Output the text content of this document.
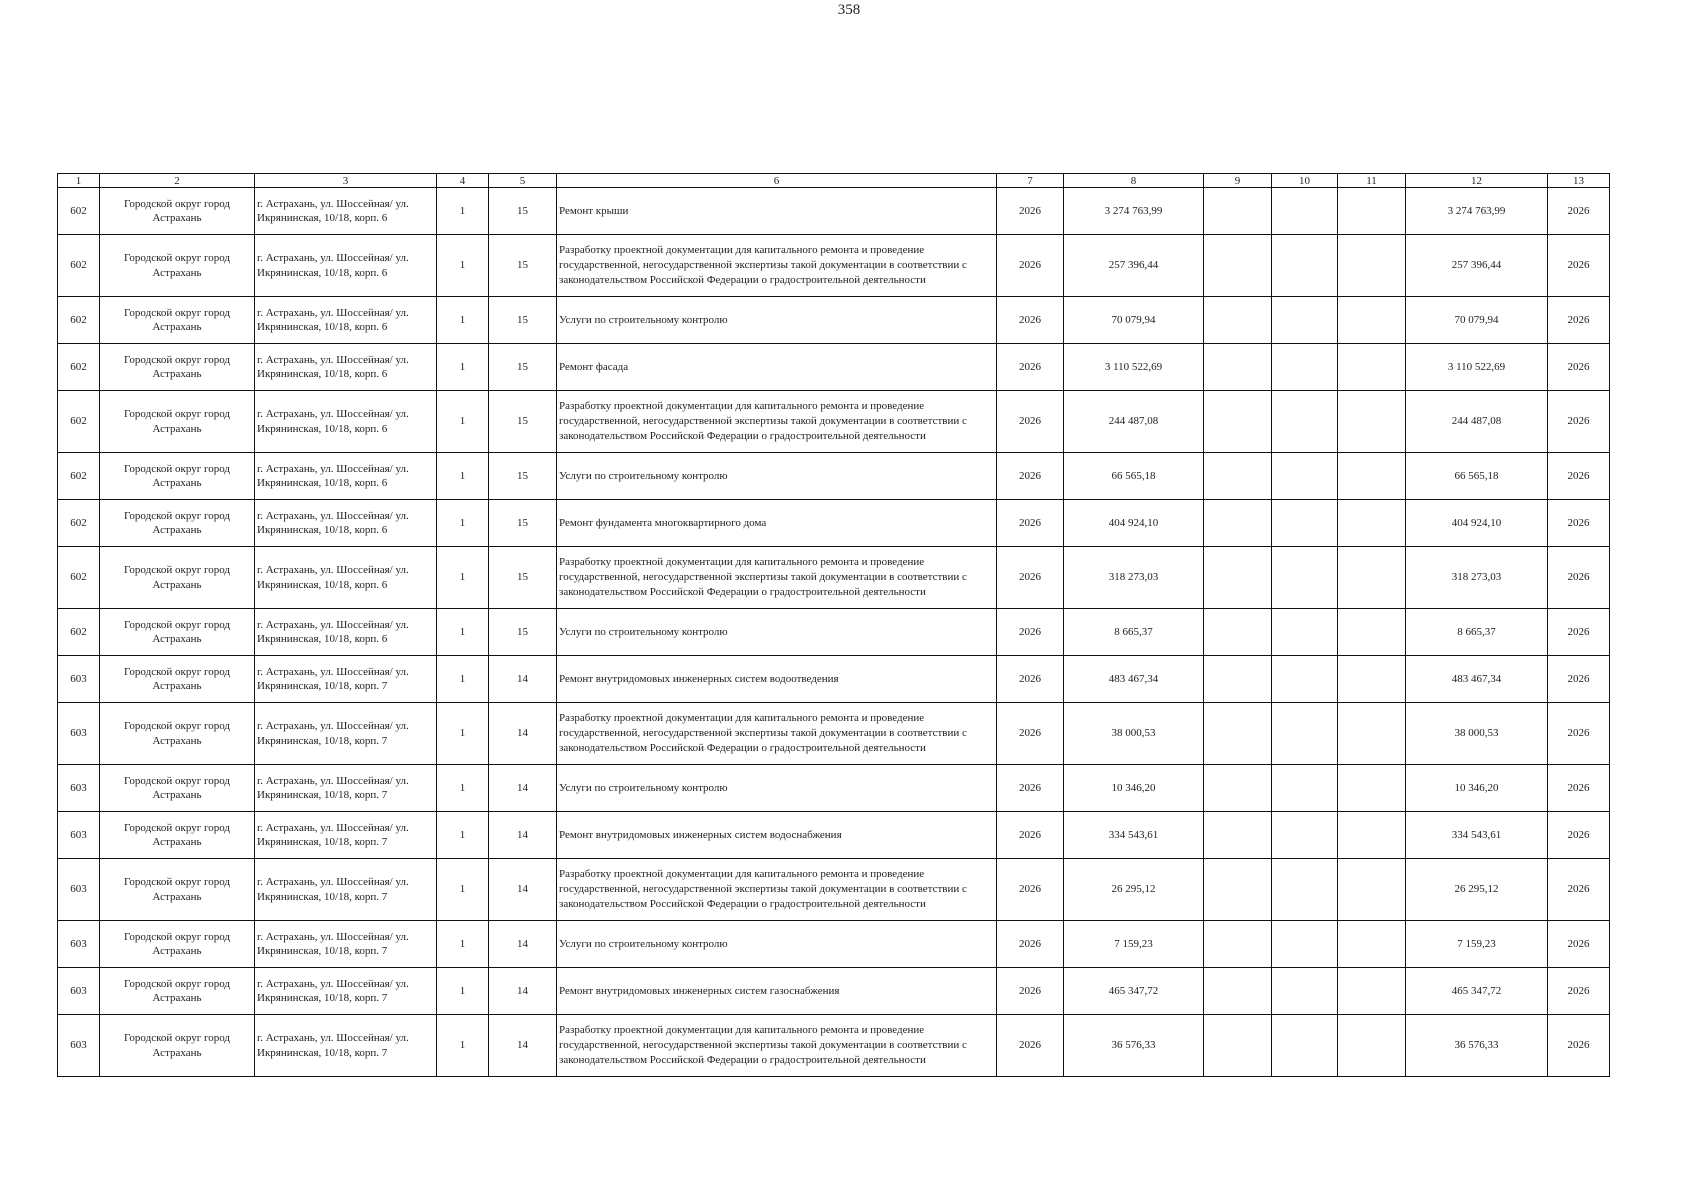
358
1	2	3	4	5	6	7	8	9	10	11	12	13

602	Городской округ город Астрахань	г. Астрахань, ул. Шоссейная/ ул. Икрянинская, 10/18, корп. 6	1	15	Ремонт крыши	2026	3 274 763,99				3 274 763,99	2026

602	Городской округ город Астрахань	г. Астрахань, ул. Шоссейная/ ул. Икрянинская, 10/18, корп. 6	1	15	Разработку проектной документации для капитального ремонта и проведение государственной, негосударственной экспертизы такой документации в соответствии с законодательством Российской Федерации о градостроительной деятельности	2026	257 396,44				257 396,44	2026

602	Городской округ город Астрахань	г. Астрахань, ул. Шоссейная/ ул. Икрянинская, 10/18, корп. 6	1	15	Услуги по строительному контролю	2026	70 079,94				70 079,94	2026

602	Городской округ город Астрахань	г. Астрахань, ул. Шоссейная/ ул. Икрянинская, 10/18, корп. 6	1	15	Ремонт фасада	2026	3 110 522,69				3 110 522,69	2026

602	Городской округ город Астрахань	г. Астрахань, ул. Шоссейная/ ул. Икрянинская, 10/18, корп. 6	1	15	Разработку проектной документации для капитального ремонта и проведение государственной, негосударственной экспертизы такой документации в соответствии с законодательством Российской Федерации о градостроительной деятельности	2026	244 487,08				244 487,08	2026

602	Городской округ город Астрахань	г. Астрахань, ул. Шоссейная/ ул. Икрянинская, 10/18, корп. 6	1	15	Услуги по строительному контролю	2026	66 565,18				66 565,18	2026

602	Городской округ город Астрахань	г. Астрахань, ул. Шоссейная/ ул. Икрянинская, 10/18, корп. 6	1	15	Ремонт фундамента многоквартирного дома	2026	404 924,10				404 924,10	2026

602	Городской округ город Астрахань	г. Астрахань, ул. Шоссейная/ ул. Икрянинская, 10/18, корп. 6	1	15	Разработку проектной документации для капитального ремонта и проведение государственной, негосударственной экспертизы такой документации в соответствии с законодательством Российской Федерации о градостроительной деятельности	2026	318 273,03				318 273,03	2026

602	Городской округ город Астрахань	г. Астрахань, ул. Шоссейная/ ул. Икрянинская, 10/18, корп. 6	1	15	Услуги по строительному контролю	2026	8 665,37				8 665,37	2026

603	Городской округ город Астрахань	г. Астрахань, ул. Шоссейная/ ул. Икрянинская, 10/18, корп. 7	1	14	Ремонт внутридомовых инженерных систем водоотведения	2026	483 467,34				483 467,34	2026

603	Городской округ город Астрахань	г. Астрахань, ул. Шоссейная/ ул. Икрянинская, 10/18, корп. 7	1	14	Разработку проектной документации для капитального ремонта и проведение государственной, негосударственной экспертизы такой документации в соответствии с законодательством Российской Федерации о градостроительной деятельности	2026	38 000,53				38 000,53	2026

603	Городской округ город Астрахань	г. Астрахань, ул. Шоссейная/ ул. Икрянинская, 10/18, корп. 7	1	14	Услуги по строительному контролю	2026	10 346,20				10 346,20	2026

603	Городской округ город Астрахань	г. Астрахань, ул. Шоссейная/ ул. Икрянинская, 10/18, корп. 7	1	14	Ремонт внутридомовых инженерных систем водоснабжения	2026	334 543,61				334 543,61	2026

603	Городской округ город Астрахань	г. Астрахань, ул. Шоссейная/ ул. Икрянинская, 10/18, корп. 7	1	14	Разработку проектной документации для капитального ремонта и проведение государственной, негосударственной экспертизы такой документации в соответствии с законодательством Российской Федерации о градостроительной деятельности	2026	26 295,12				26 295,12	2026

603	Городской округ город Астрахань	г. Астрахань, ул. Шоссейная/ ул. Икрянинская, 10/18, корп. 7	1	14	Услуги по строительному контролю	2026	7 159,23				7 159,23	2026

603	Городской округ город Астрахань	г. Астрахань, ул. Шоссейная/ ул. Икрянинская, 10/18, корп. 7	1	14	Ремонт внутридомовых инженерных систем газоснабжения	2026	465 347,72				465 347,72	2026

603	Городской округ город Астрахань	г. Астрахань, ул. Шоссейная/ ул. Икрянинская, 10/18, корп. 7	1	14	Разработку проектной документации для капитального ремонта и проведение государственной, негосударственной экспертизы такой документации в соответствии с законодательством Российской Федерации о градостроительной деятельности	2026	36 576,33				36 576,33	2026
